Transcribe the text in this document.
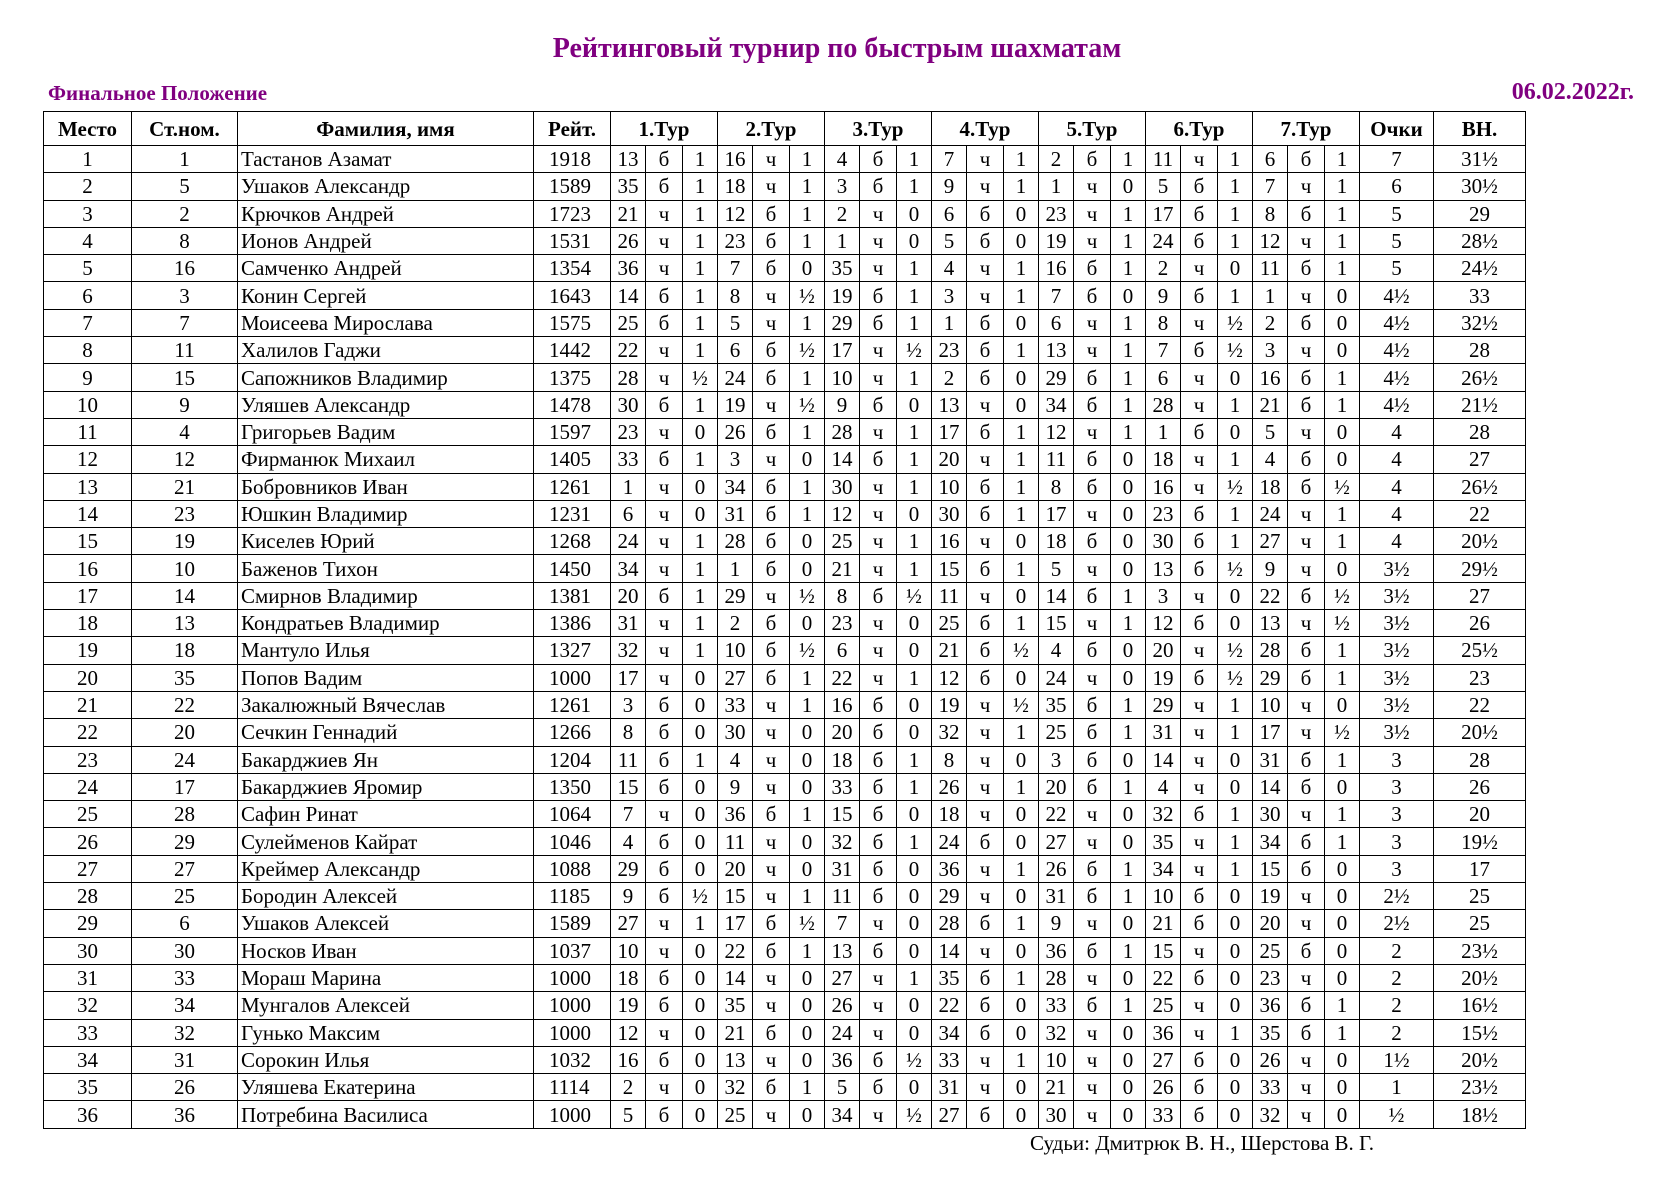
Рейтинговый турнир по быстрым шахматам
Финальное Положение	06.02.2022г.
Место	Ст.ном.	Фамилия, имя	Рейт.	1.Тур			2.Тур			3.Тур			4.Тур			5.Тур			6.Тур			7.Тур			Очки	ВН.
1	1	Тастанов Азамат	1918	13	б	1	16	ч	1	4	б	1	7	ч	1	2	б	1	11	ч	1	6	б	1	7	31½
2	5	Ушаков Александр	1589	35	б	1	18	ч	1	3	б	1	9	ч	1	1	ч	0	5	б	1	7	ч	1	6	30½
3	2	Крючков Андрей	1723	21	ч	1	12	б	1	2	ч	0	6	б	0	23	ч	1	17	б	1	8	б	1	5	29
4	8	Ионов Андрей	1531	26	ч	1	23	б	1	1	ч	0	5	б	0	19	ч	1	24	б	1	12	ч	1	5	28½
5	16	Самченко Андрей	1354	36	ч	1	7	б	0	35	ч	1	4	ч	1	16	б	1	2	ч	0	11	б	1	5	24½
6	3	Конин Сергей	1643	14	б	1	8	ч	½	19	б	1	3	ч	1	7	б	0	9	б	1	1	ч	0	4½	33
7	7	Моисеева Мирослава	1575	25	б	1	5	ч	1	29	б	1	1	б	0	6	ч	1	8	ч	½	2	б	0	4½	32½
8	11	Халилов Гаджи	1442	22	ч	1	6	б	½	17	ч	½	23	б	1	13	ч	1	7	б	½	3	ч	0	4½	28
9	15	Сапожников Владимир	1375	28	ч	½	24	б	1	10	ч	1	2	б	0	29	б	1	6	ч	0	16	б	1	4½	26½
10	9	Уляшев Александр	1478	30	б	1	19	ч	½	9	б	0	13	ч	0	34	б	1	28	ч	1	21	б	1	4½	21½
11	4	Григорьев Вадим	1597	23	ч	0	26	б	1	28	ч	1	17	б	1	12	ч	1	1	б	0	5	ч	0	4	28
12	12	Фирманюк Михаил	1405	33	б	1	3	ч	0	14	б	1	20	ч	1	11	б	0	18	ч	1	4	б	0	4	27
13	21	Бобровников Иван	1261	1	ч	0	34	б	1	30	ч	1	10	б	1	8	б	0	16	ч	½	18	б	½	4	26½
14	23	Юшкин Владимир	1231	6	ч	0	31	б	1	12	ч	0	30	б	1	17	ч	0	23	б	1	24	ч	1	4	22
15	19	Киселев Юрий	1268	24	ч	1	28	б	0	25	ч	1	16	ч	0	18	б	0	30	б	1	27	ч	1	4	20½
16	10	Баженов Тихон	1450	34	ч	1	1	б	0	21	ч	1	15	б	1	5	ч	0	13	б	½	9	ч	0	3½	29½
17	14	Смирнов Владимир	1381	20	б	1	29	ч	½	8	б	½	11	ч	0	14	б	1	3	ч	0	22	б	½	3½	27
18	13	Кондратьев Владимир	1386	31	ч	1	2	б	0	23	ч	0	25	б	1	15	ч	1	12	б	0	13	ч	½	3½	26
19	18	Мантуло Илья	1327	32	ч	1	10	б	½	6	ч	0	21	б	½	4	б	0	20	ч	½	28	б	1	3½	25½
20	35	Попов Вадим	1000	17	ч	0	27	б	1	22	ч	1	12	б	0	24	ч	0	19	б	½	29	б	1	3½	23
21	22	Закалюжный Вячеслав	1261	3	б	0	33	ч	1	16	б	0	19	ч	½	35	б	1	29	ч	1	10	ч	0	3½	22
22	20	Сечкин Геннадий	1266	8	б	0	30	ч	0	20	б	0	32	ч	1	25	б	1	31	ч	1	17	ч	½	3½	20½
23	24	Бакарджиев Ян	1204	11	б	1	4	ч	0	18	б	1	8	ч	0	3	б	0	14	ч	0	31	б	1	3	28
24	17	Бакарджиев Яромир	1350	15	б	0	9	ч	0	33	б	1	26	ч	1	20	б	1	4	ч	0	14	б	0	3	26
25	28	Сафин Ринат	1064	7	ч	0	36	б	1	15	б	0	18	ч	0	22	ч	0	32	б	1	30	ч	1	3	20
26	29	Сулейменов Кайрат	1046	4	б	0	11	ч	0	32	б	1	24	б	0	27	ч	0	35	ч	1	34	б	1	3	19½
27	27	Креймер Александр	1088	29	б	0	20	ч	0	31	б	0	36	ч	1	26	б	1	34	ч	1	15	б	0	3	17
28	25	Бородин Алексей	1185	9	б	½	15	ч	1	11	б	0	29	ч	0	31	б	1	10	б	0	19	ч	0	2½	25
29	6	Ушаков Алексей	1589	27	ч	1	17	б	½	7	ч	0	28	б	1	9	ч	0	21	б	0	20	ч	0	2½	25
30	30	Носков Иван	1037	10	ч	0	22	б	1	13	б	0	14	ч	0	36	б	1	15	ч	0	25	б	0	2	23½
31	33	Мораш Марина	1000	18	б	0	14	ч	0	27	ч	1	35	б	1	28	ч	0	22	б	0	23	ч	0	2	20½
32	34	Мунгалов Алексей	1000	19	б	0	35	ч	0	26	ч	0	22	б	0	33	б	1	25	ч	0	36	б	1	2	16½
33	32	Гунько Максим	1000	12	ч	0	21	б	0	24	ч	0	34	б	0	32	ч	0	36	ч	1	35	б	1	2	15½
34	31	Сорокин Илья	1032	16	б	0	13	ч	0	36	б	½	33	ч	1	10	ч	0	27	б	0	26	ч	0	1½	20½
35	26	Уляшева Екатерина	1114	2	ч	0	32	б	1	5	б	0	31	ч	0	21	ч	0	26	б	0	33	ч	0	1	23½
36	36	Потребина Василиса	1000	5	б	0	25	ч	0	34	ч	½	27	б	0	30	ч	0	33	б	0	32	ч	0	½	18½
Судьи: Дмитрюк В. Н., Шерстова В. Г.
